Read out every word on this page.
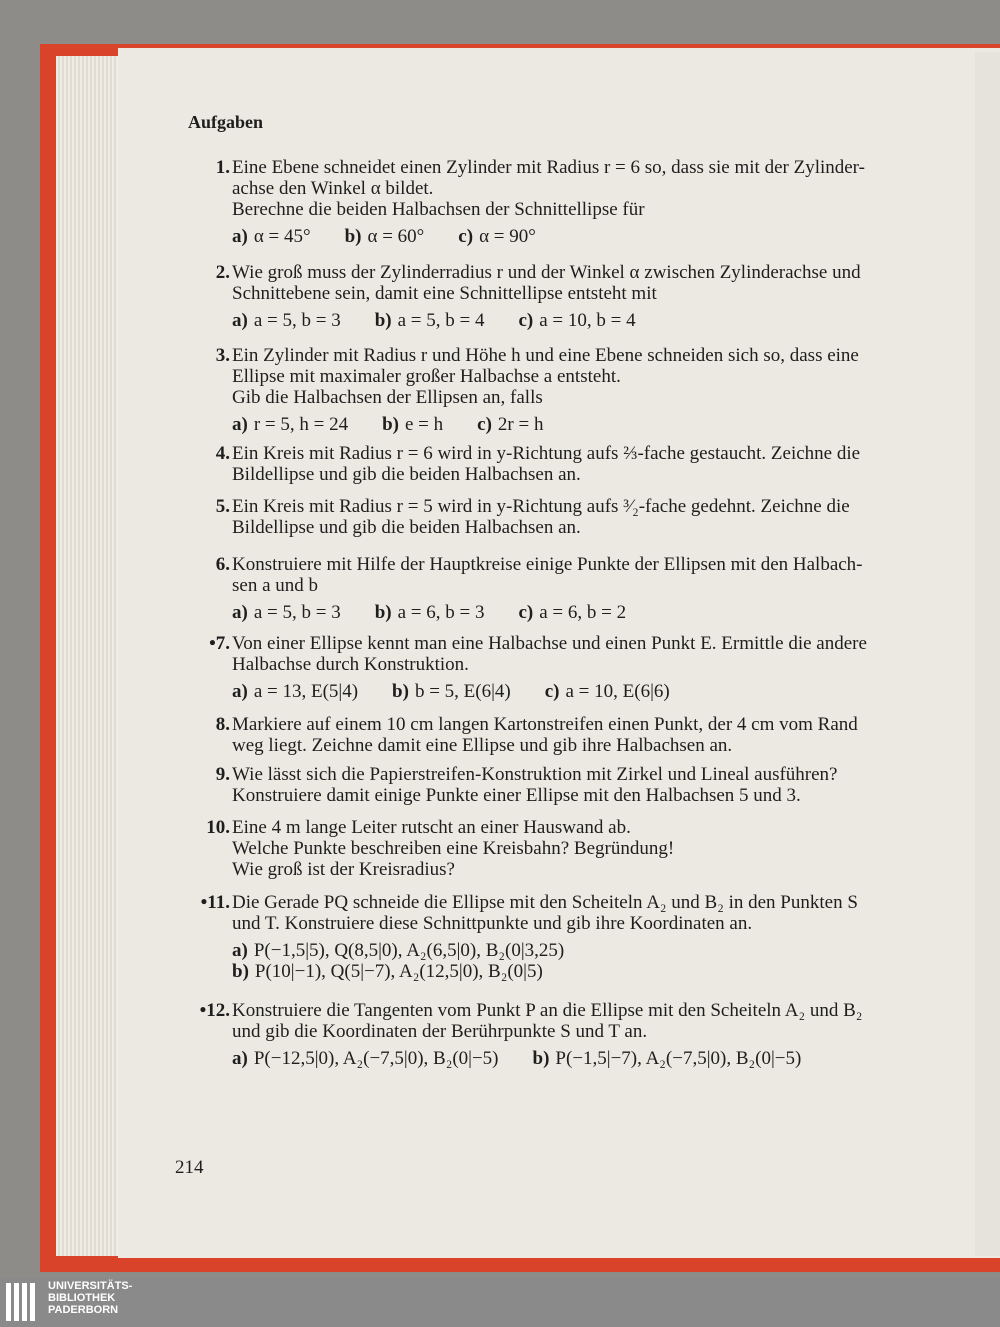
Aufgaben
1. Eine Ebene schneidet einen Zylinder mit Radius r = 6 so, dass sie mit der Zylinder-

achse den Winkel α bildet.

Berechne die beiden Halbachsen der Schnittellipse für

a) α = 45° b) α = 60° c) α = 90°
2. Wie groß muss der Zylinderradius r und der Winkel α zwischen Zylinderachse und

Schnittebene sein, damit eine Schnittellipse entsteht mit

a) a = 5, b = 3 b) a = 5, b = 4 c) a = 10, b = 4
3. Ein Zylinder mit Radius r und Höhe h und eine Ebene schneiden sich so, dass eine

Ellipse mit maximaler großer Halbachse a entsteht.

Gib die Halbachsen der Ellipsen an, falls

a) r = 5, h = 24 b) e = h c) 2r = h
4. Ein Kreis mit Radius r = 6 wird in y-Richtung aufs ⅔-fache gestaucht. Zeichne die

Bildellipse und gib die beiden Halbachsen an.

5. Ein Kreis mit Radius r = 5 wird in y-Richtung aufs ³⁄₂-fache gedehnt. Zeichne die

Bildellipse und gib die beiden Halbachsen an.

6. Konstruiere mit Hilfe der Hauptkreise einige Punkte der Ellipsen mit den Halbach-

sen a und b

a) a = 5, b = 3 b) a = 6, b = 3 c) a = 6, b = 2
•7. Von einer Ellipse kennt man eine Halbachse und einen Punkt E. Ermittle die andere

Halbachse durch Konstruktion.

a) a = 13, E(5|4) b) b = 5, E(6|4) c) a = 10, E(6|6)
8. Markiere auf einem 10 cm langen Kartonstreifen einen Punkt, der 4 cm vom Rand

weg liegt. Zeichne damit eine Ellipse und gib ihre Halbachsen an.

9. Wie lässt sich die Papierstreifen-Konstruktion mit Zirkel und Lineal ausführen?

Konstruiere damit einige Punkte einer Ellipse mit den Halbachsen 5 und 3.

10. Eine 4 m lange Leiter rutscht an einer Hauswand ab.

Welche Punkte beschreiben eine Kreisbahn? Begründung!

Wie groß ist der Kreisradius?

•11. Die Gerade PQ schneide die Ellipse mit den Scheiteln A₂ und B₂ in den Punkten S

und T. Konstruiere diese Schnittpunkte und gib ihre Koordinaten an.

a) P(−1,5|5), Q(8,5|0), A₂(6,5|0), B₂(0|3,25)
b) P(10|−1), Q(5|−7), A₂(12,5|0), B₂(0|5)
•12. Konstruiere die Tangenten vom Punkt P an die Ellipse mit den Scheiteln A₂ und B₂

und gib die Koordinaten der Berührpunkte S und T an.

a) P(−12,5|0), A₂(−7,5|0), B₂(0|−5) b) P(−1,5|−7), A₂(−7,5|0), B₂(0|−5)
214
UNIVERSITÄTS-
BIBLIOTHEK
PADERBORN
